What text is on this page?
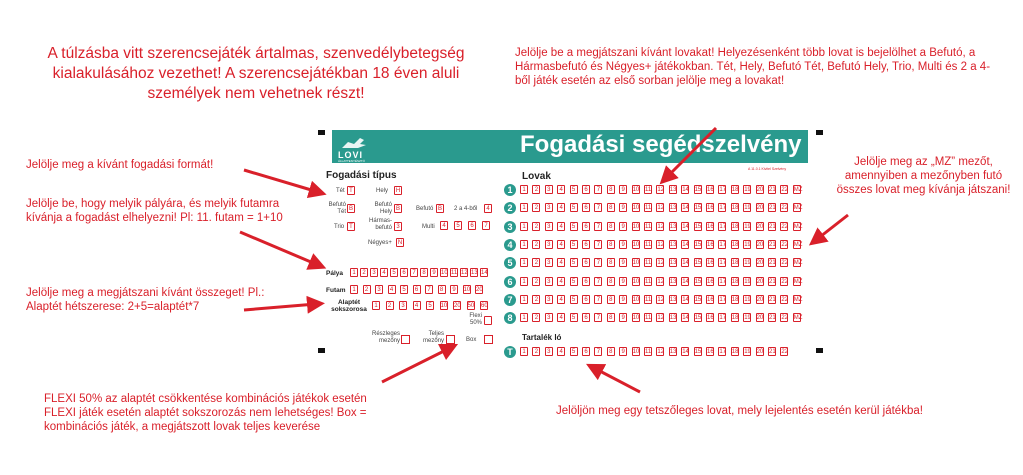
A túlzásba vitt szerencsejáték ártalmas, szenvedélybetegség kialakulásához vezethet! A szerencsejátékban 18 éven aluli személyek nem vehetnek részt!
Jelölje be a megjátszani kívánt lovakat! Helyezésenként több lovat is bejelölhet a Befutó, a Hármasbefutó és Négyes+ játékokban. Tét, Hely, Befutó Tét, Befutó Hely, Trio, Multi és 2 a 4-ből játék esetén az első sorban jelölje meg a lovakat!
Jelölje meg a kívánt fogadási formát!
Jelölje be, hogy melyik pályára, és melyik futamra kívánja a fogadást elhelyezni! Pl: 11. futam = 1+10
Jelölje meg a megjátszani kívánt összeget! Pl.: Alaptét hétszerese: 2+5=alaptét*7
Jelölje meg az „MZ” mezőt, amennyiben a mezőnyben futó összes lovat meg kívánja játszani!
FLEXI 50% az alaptét csökkentése kombinációs játékok esetén FLEXI játék esetén alaptét sokszorozás nem lehetséges! Box = kombinációs játék, a megjátszott lovak teljes keverése
Jelöljön meg egy tetszőleges lovat, mely lejelentés esetén kerül játékba!
LOVI
ÁLLATTENYÉSZTŐ
Fogadási segédszelvény
A 11.0.1 Kivitel Szelvény
Fogadási típus	Lovak
Tét T	Hely	H
Befutó Tét B
Befutó Hely B	Befutó B	2 a 4-ből	4
Trio T
Hármas-befutó 3	Multi	4	5	6	7
Négyes+ N
Pálya
Futam
Alaptét sokszorosa
Flexi 50%
1	2	3	4	5	6	7	8	9 10 11 12 13 14
1	2	3	4	5	6	7	8	9	10 20
1	2	3	4	5	10 20 50 60
Részleges mezőny
Teljes mezőny	Box
1	1	2	3	4	5	6	7	8	9	10 11 12 13 14 15 16 17 18 19 20 21 22 MZ
2	1	2	3	4	5	6	7	8	9	10 11 12 13 14 15 16 17 18 19 20 21 22 MZ
3	1	2	3	4	5	6	7	8	9	10 11 12 13 14 15 16 17 18 19 20 21 22 MZ
4	1	2	3	4	5	6	7	8	9	10 11 12 13 14 15 16 17 18 19 20 21 22 MZ
5	1	2	3	4	5	6	7	8	9	10 11 12 13 14 15 16 17 18 19 20 21 22 MZ
6	1	2	3	4	5	6	7	8	9	10 11 12 13 14 15 16 17 18 19 20 21 22 MZ
7	1	2	3	4	5	6	7	8	9	10 11 12 13 14 15 16 17 18 19 20 21 22 MZ
8	1	2	3	4	5	6	7	8	9	10 11 12 13 14 15 16 17 18 19 20 21 22 MZ
Tartalék ló
T	1	2	3	4	5	6	7	8	9	10 11 12 13 14 15 16 17 18 19 20 21 22
